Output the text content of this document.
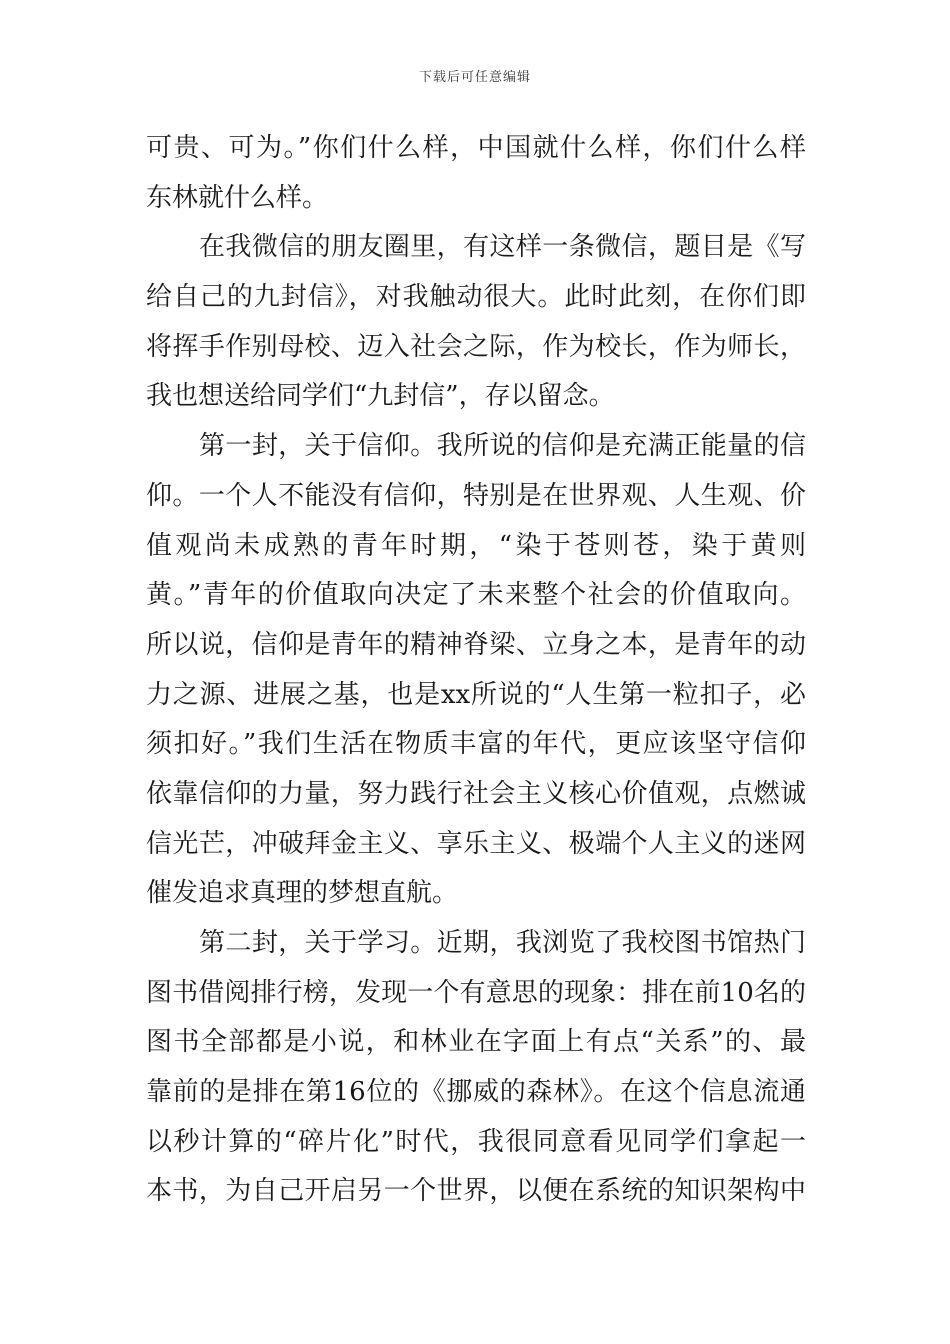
下载后可任意编辑
可贵、可为。”你们什么样，中国就什么样，你们什么样
东林就什么样。
在我微信的朋友圈里，有这样一条微信，题目是《写
给自己的九封信》，对我触动很大。此时此刻，在你们即
将挥手作别母校、迈入社会之际，作为校长，作为师长，
我也想送给同学们“九封信”，存以留念。
第一封，关于信仰。我所说的信仰是充满正能量的信
仰。一个人不能没有信仰，特别是在世界观、人生观、价
值观尚未成熟的青年时期，“染于苍则苍，染于黄则
黄。”青年的价值取向决定了未来整个社会的价值取向。
所以说，信仰是青年的精神脊梁、立身之本，是青年的动
力之源、进展之基，也是xx所说的“人生第一粒扣子，必
须扣好。”我们生活在物质丰富的年代，更应该坚守信仰
依靠信仰的力量，努力践行社会主义核心价值观，点燃诚
信光芒，冲破拜金主义、享乐主义、极端个人主义的迷网
催发追求真理的梦想直航。
第二封，关于学习。近期，我浏览了我校图书馆热门
图书借阅排行榜，发现一个有意思的现象：排在前10名的
图书全部都是小说，和林业在字面上有点“关系”的、最
靠前的是排在第16位的《挪威的森林》。在这个信息流通
以秒计算的“碎片化”时代，我很同意看见同学们拿起一
本书，为自己开启另一个世界，以便在系统的知识架构中
